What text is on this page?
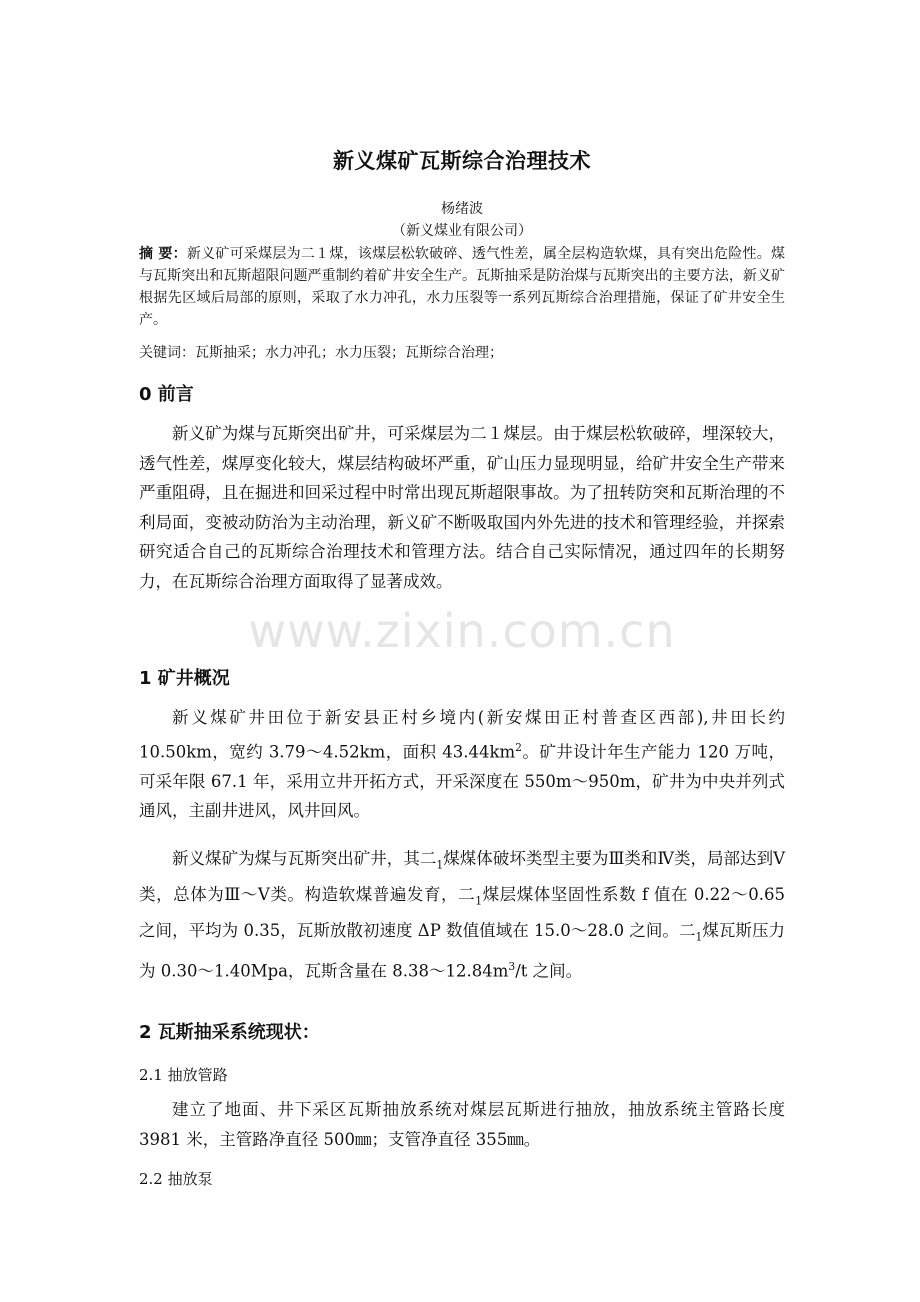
新义煤矿瓦斯综合治理技术
杨绪波
（新义煤业有限公司）
摘 要：新义矿可采煤层为二１煤，该煤层松软破碎、透气性差，属全层构造软煤，具有突出危险性。煤与瓦斯突出和瓦斯超限问题严重制约着矿井安全生产。瓦斯抽采是防治煤与瓦斯突出的主要方法，新义矿根据先区域后局部的原则，采取了水力冲孔，水力压裂等一系列瓦斯综合治理措施，保证了矿井安全生产。
关键词：瓦斯抽采；水力冲孔；水力压裂；瓦斯综合治理；
0 前言
新义矿为煤与瓦斯突出矿井，可采煤层为二１煤层。由于煤层松软破碎，埋深较大，透气性差，煤厚变化较大，煤层结构破坏严重，矿山压力显现明显，给矿井安全生产带来严重阻碍，且在掘进和回采过程中时常出现瓦斯超限事故。为了扭转防突和瓦斯治理的不利局面，变被动防治为主动治理，新义矿不断吸取国内外先进的技术和管理经验，并探索研究适合自己的瓦斯综合治理技术和管理方法。结合自己实际情况，通过四年的长期努力，在瓦斯综合治理方面取得了显著成效。
1 矿井概况
新义煤矿井田位于新安县正村乡境内(新安煤田正村普查区西部),井田长约10.50km，宽约 3.79～4.52km，面积 $43.44km^2$。矿井设计年生产能力 120 万吨，可采年限 67.1 年，采用立井开拓方式，开采深度在 550m～950m，矿井为中央并列式通风，主副井进风，风井回风。
新义煤矿为煤与瓦斯突出矿井，其二$_1$煤煤体破坏类型主要为Ⅲ类和Ⅳ类，局部达到Ⅴ类，总体为Ⅲ～Ⅴ类。构造软煤普遍发育，二$_1$煤层煤体坚固性系数 f 值在 0.22～0.65 之间，平均为 0.35，瓦斯放散初速度 ΔP 数值值域在 15.0～28.0 之间。二$_1$煤瓦斯压力为 0.30～1.40Mpa，瓦斯含量在 $8.38\sim 12.84m^3/t$ 之间。
2 瓦斯抽采系统现状：
2.1 抽放管路
建立了地面、井下采区瓦斯抽放系统对煤层瓦斯进行抽放，抽放系统主管路长度 3981 米，主管路净直径 500㎜；支管净直径 355㎜。
2.2 抽放泵
www.zixin.com.cn
